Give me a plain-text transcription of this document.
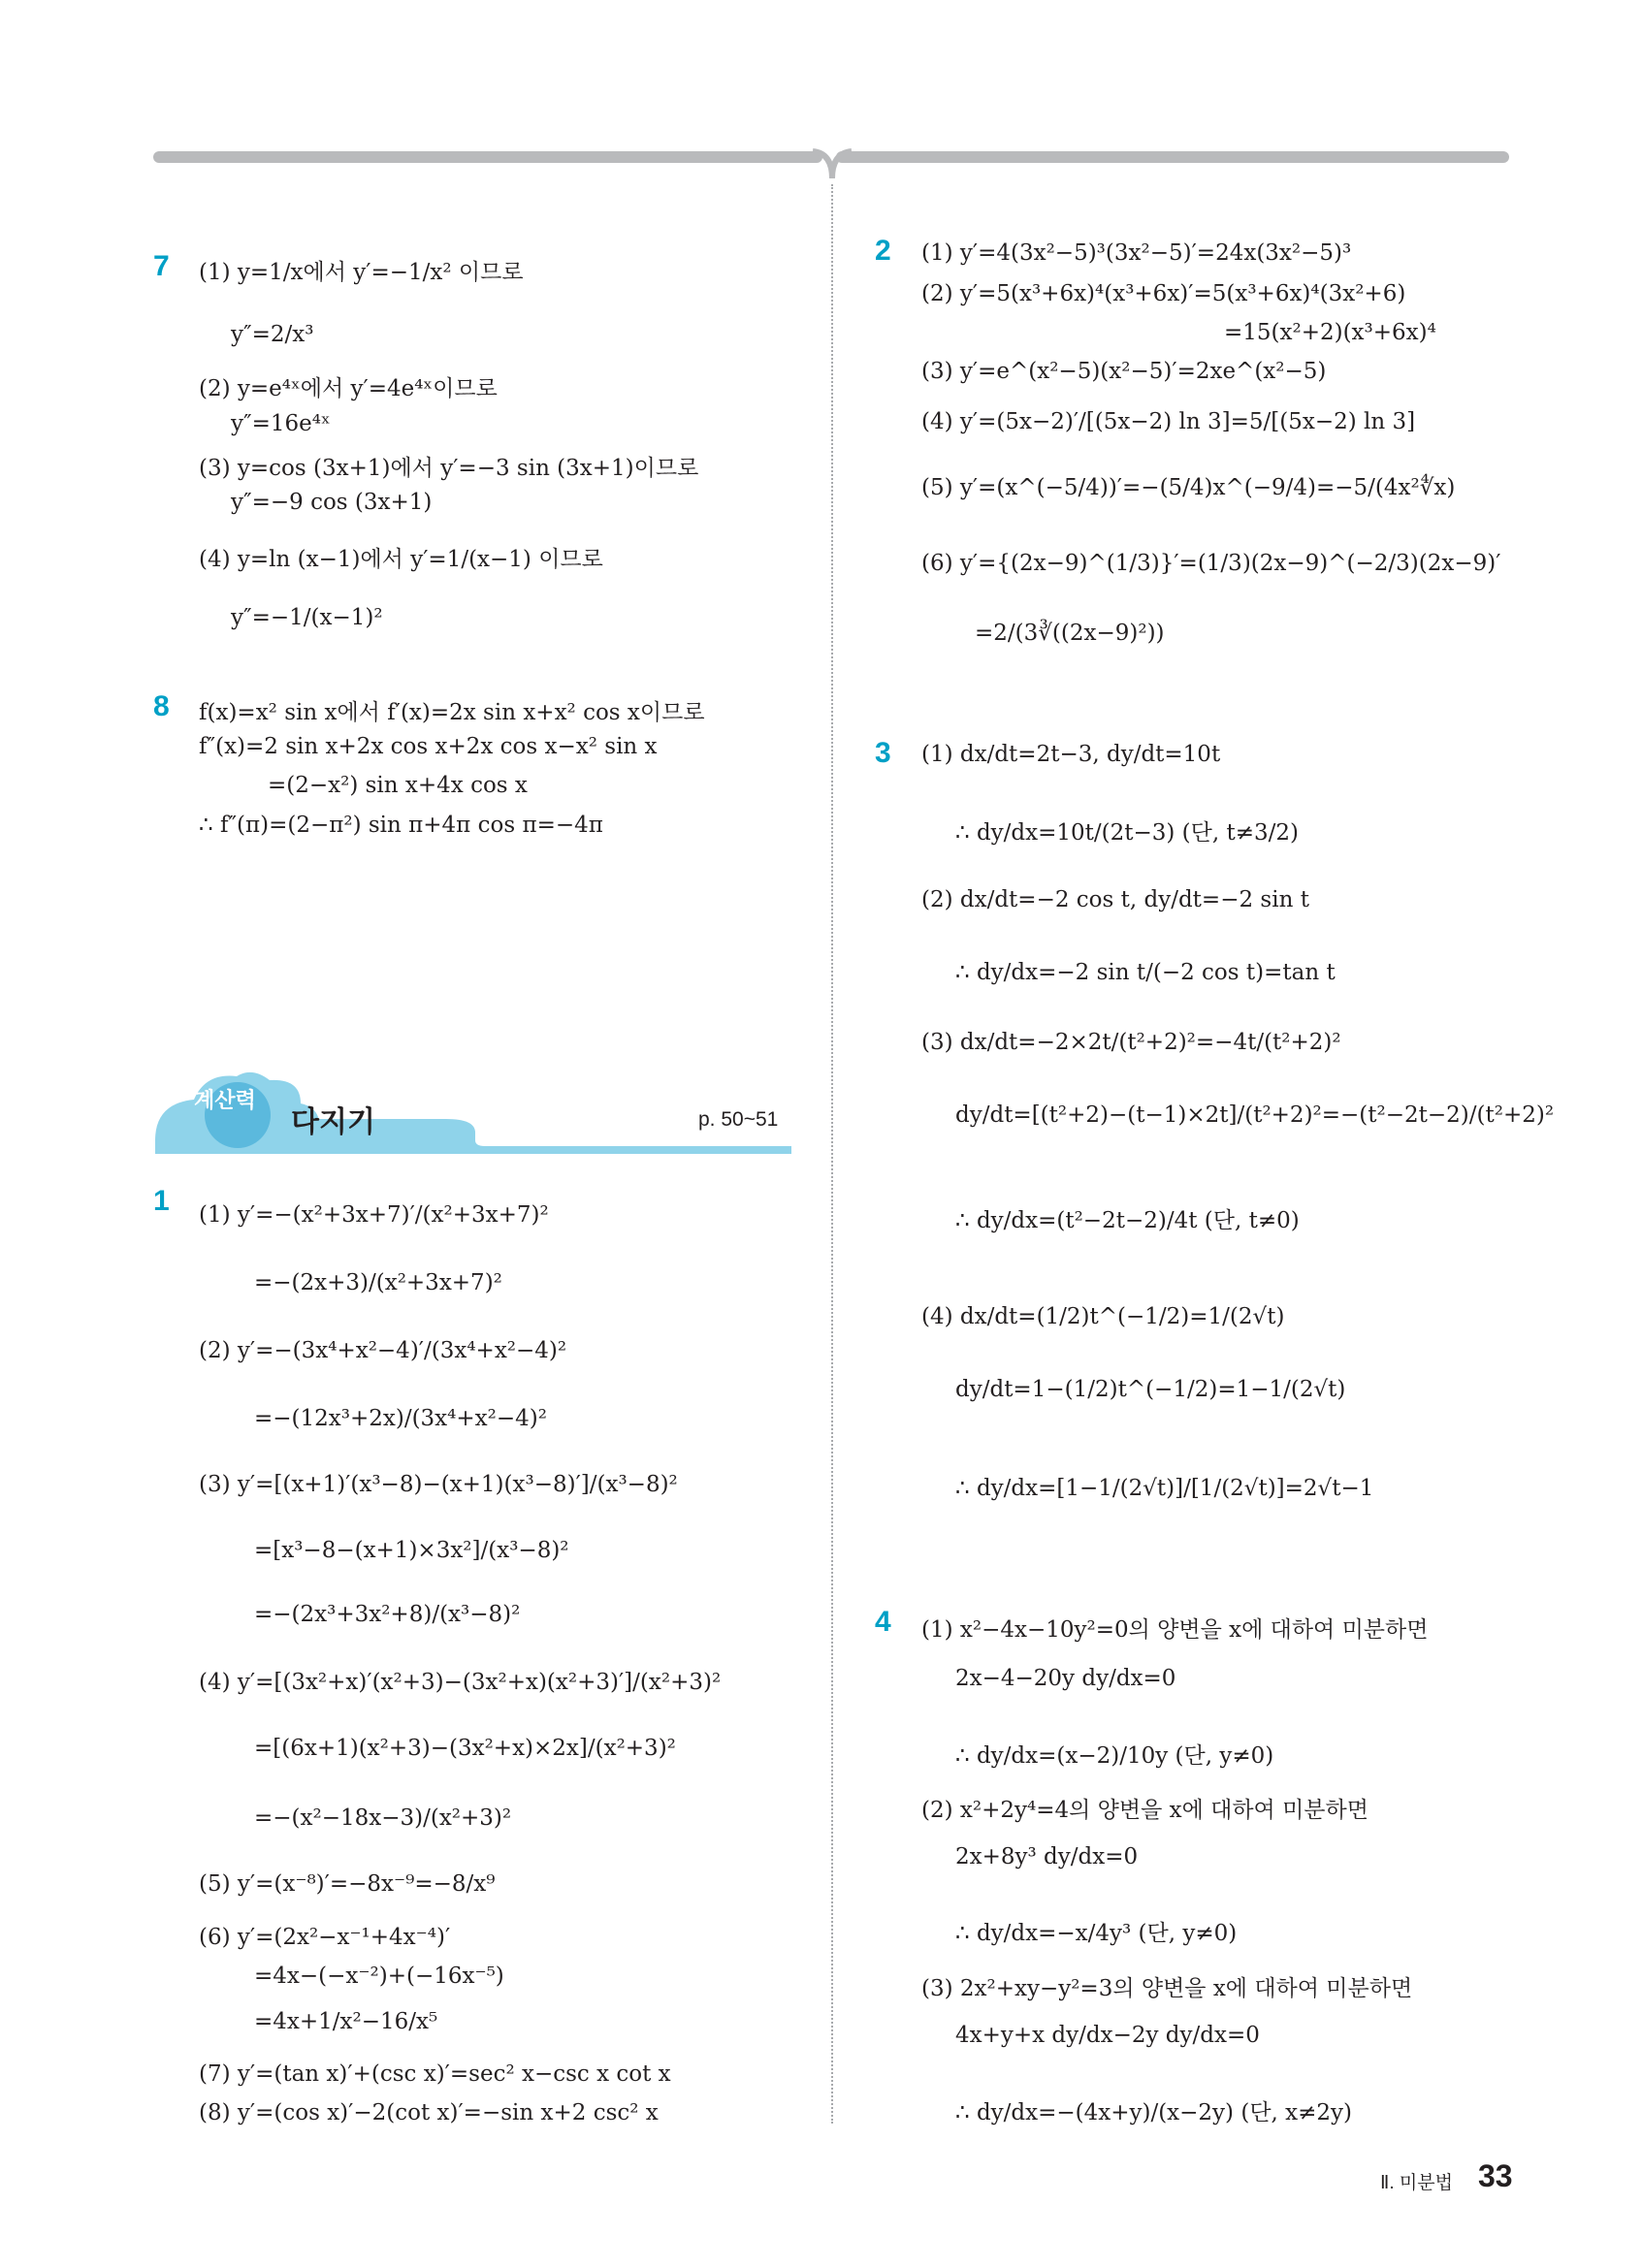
7 (1) y=1/x에서 y′=−1/x² 이므로
y″=2/x³
(2) y=e⁴ˣ에서 y′=4e⁴ˣ이므로
y″=16e⁴ˣ
(3) y=cos (3x+1)에서 y′=−3 sin (3x+1)이므로
y″=−9 cos (3x+1)
(4) y=ln (x−1)에서 y′=1/(x−1) 이므로
y″=−1/(x−1)²
8 f(x)=x² sin x에서 f′(x)=2x sin x+x² cos x이므로
f″(x)=2 sin x+2x cos x+2x cos x−x² sin x
=(2−x²) sin x+4x cos x
∴ f″(π)=(2−π²) sin π+4π cos π=−4π
계산력
다지기	p. 50~51
1 (1) y′=−(x²+3x+7)′/(x²+3x+7)²
=−(2x+3)/(x²+3x+7)²
(2) y′=−(3x⁴+x²−4)′/(3x⁴+x²−4)²
=−(12x³+2x)/(3x⁴+x²−4)²
(3) y′=[(x+1)′(x³−8)−(x+1)(x³−8)′]/(x³−8)²
=[x³−8−(x+1)×3x²]/(x³−8)²
=−(2x³+3x²+8)/(x³−8)²
(4) y′=[(3x²+x)′(x²+3)−(3x²+x)(x²+3)′]/(x²+3)²
=[(6x+1)(x²+3)−(3x²+x)×2x]/(x²+3)²
=−(x²−18x−3)/(x²+3)²
(5) y′=(x⁻⁸)′=−8x⁻⁹=−8/x⁹
(6) y′=(2x²−x⁻¹+4x⁻⁴)′
=4x−(−x⁻²)+(−16x⁻⁵)
=4x+1/x²−16/x⁵
(7) y′=(tan x)′+(csc x)′=sec² x−csc x cot x
(8) y′=(cos x)′−2(cot x)′=−sin x+2 csc² x
2 (1) y′=4(3x²−5)³(3x²−5)′=24x(3x²−5)³
(2) y′=5(x³+6x)⁴(x³+6x)′=5(x³+6x)⁴(3x²+6)
=15(x²+2)(x³+6x)⁴
(3) y′=e^(x²−5)(x²−5)′=2xe^(x²−5)
(4) y′=(5x−2)′/[(5x−2) ln 3]=5/[(5x−2) ln 3]
(5) y′=(x^(−5/4))′=−(5/4)x^(−9/4)=−5/(4x²∜x)
(6) y′={(2x−9)^(1/3)}′=(1/3)(2x−9)^(−2/3)(2x−9)′
=2/(3∛((2x−9)²))
3 (1) dx/dt=2t−3, dy/dt=10t
∴ dy/dx=10t/(2t−3) (단, t≠3/2)
(2) dx/dt=−2 cos t, dy/dt=−2 sin t
∴ dy/dx=−2 sin t/(−2 cos t)=tan t
(3) dx/dt=−2×2t/(t²+2)²=−4t/(t²+2)²
dy/dt=[(t²+2)−(t−1)×2t]/(t²+2)²=−(t²−2t−2)/(t²+2)²
∴ dy/dx=(t²−2t−2)/4t (단, t≠0)
(4) dx/dt=(1/2)t^(−1/2)=1/(2√t)
dy/dt=1−(1/2)t^(−1/2)=1−1/(2√t)
∴ dy/dx=[1−1/(2√t)]/[1/(2√t)]=2√t−1
4 (1) x²−4x−10y²=0의 양변을 x에 대하여 미분하면
2x−4−20y dy/dx=0
∴ dy/dx=(x−2)/10y (단, y≠0)
(2) x²+2y⁴=4의 양변을 x에 대하여 미분하면
2x+8y³ dy/dx=0
∴ dy/dx=−x/4y³ (단, y≠0)
(3) 2x²+xy−y²=3의 양변을 x에 대하여 미분하면
4x+y+x dy/dx−2y dy/dx=0
∴ dy/dx=−(4x+y)/(x−2y) (단, x≠2y)
Ⅱ. 미분법 33
